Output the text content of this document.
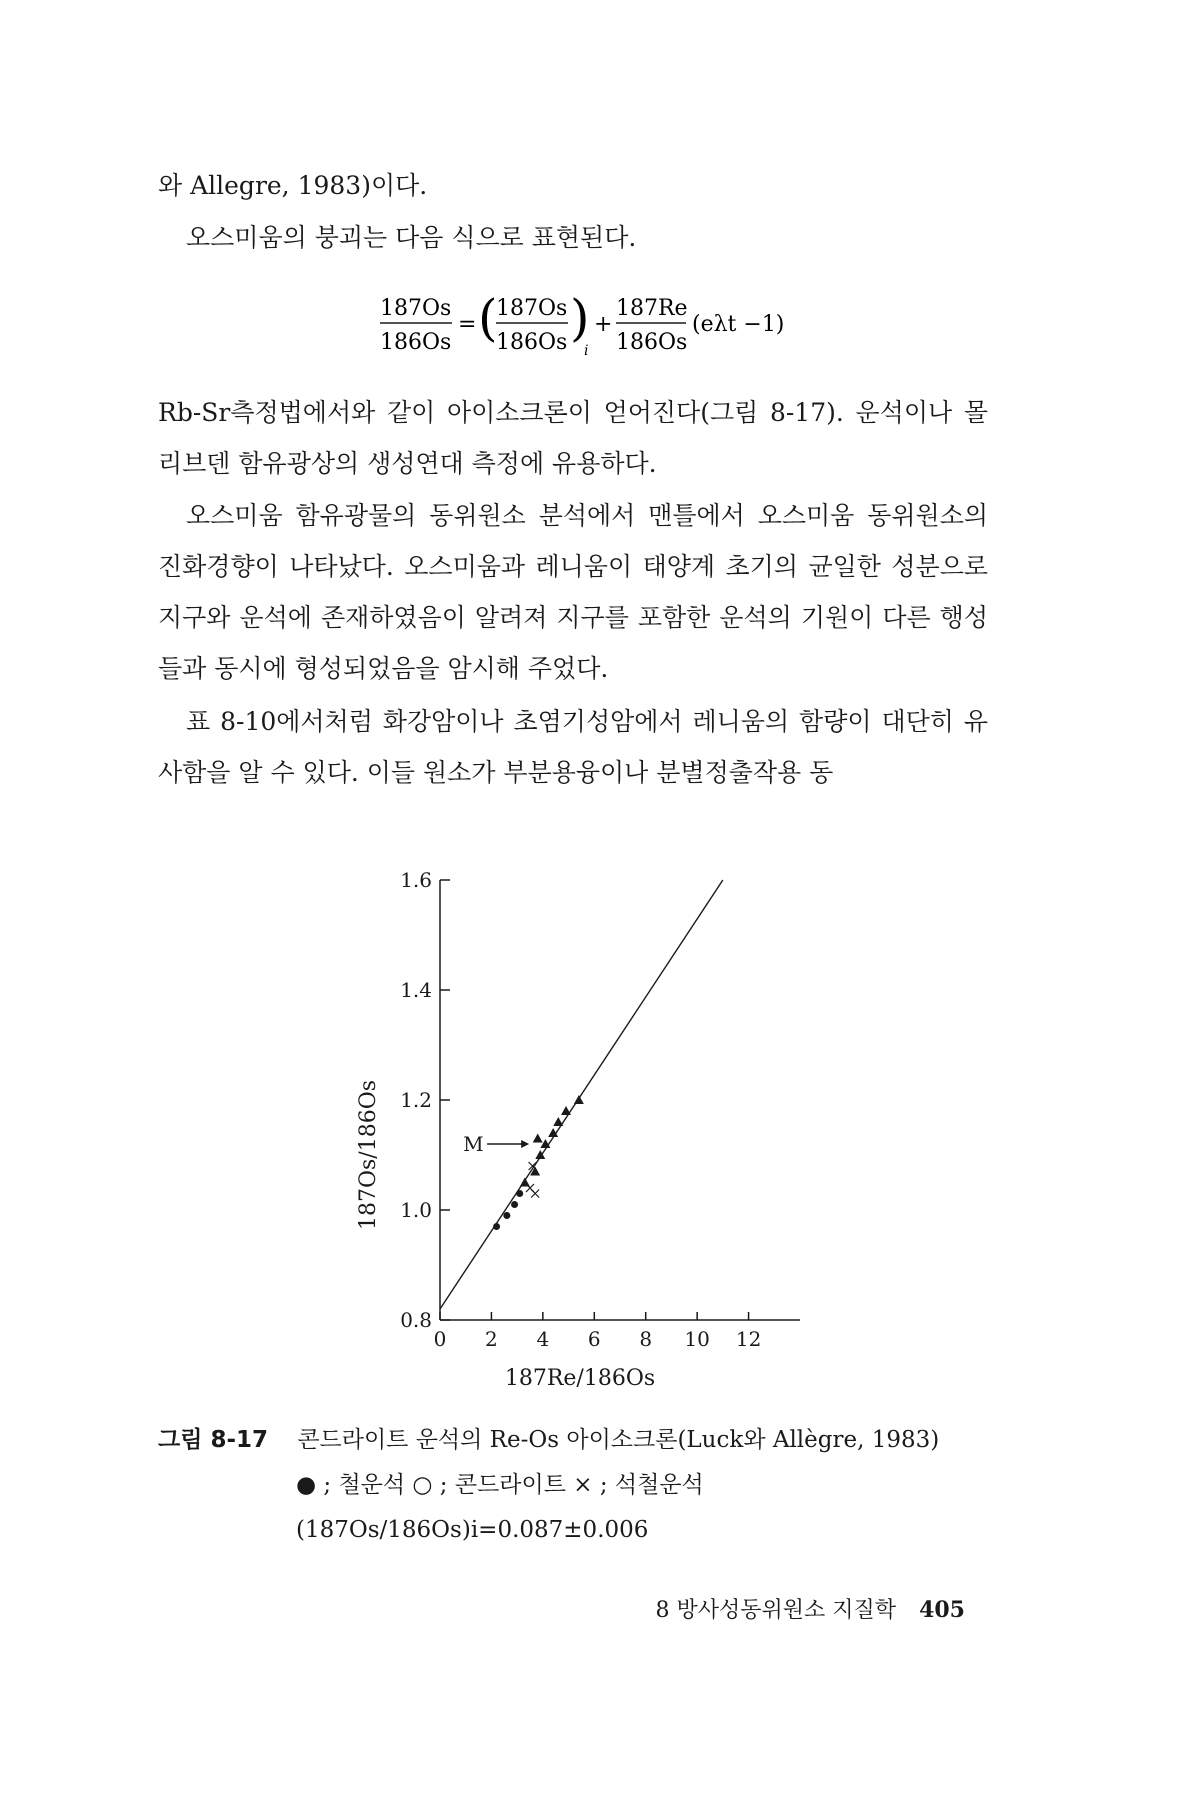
와 Allegre, 1983)이다.

오스미움의 붕괴는 다음 식으로 표현된다.

187Os
186Os
= (
187Os
186Os )
i
+
187Re
186Os
(eλt −1)

Rb-Sr측정법에서와 같이 아이소크론이 얻어진다(그림 8-17). 운석이나 몰리브덴 함유광상의 생성연대 측정에 유용하다.

오스미움 함유광물의 동위원소 분석에서 맨틀에서 오스미움 동위원소의 진화경향이 나타났다. 오스미움과 레니움이 태양계 초기의 균일한 성분으로 지구와 운석에 존재하였음이 알려져 지구를 포함한 운석의 기원이 다른 행성들과 동시에 형성되었음을 암시해 주었다.

표 8-10에서처럼 화강암이나 초염기성암에서 레니움의 함량이 대단히 유사함을 알 수 있다. 이들 원소가 부분용융이나 분별정출작용 동

0.8
1.0
1.2
1.4
1.6
0 2 4 6 8 10 12
M
187Re/186Os
187Os/186Os
그림 8-17 콘드라이트 운석의 Re-Os 아이소크론(Luck와 Allègre, 1983)
● ; 철운석 ○ ; 콘드라이트 × ; 석철운석
(187Os/186Os)i=0.087±0.006
8 방사성동위원소 지질학 405
